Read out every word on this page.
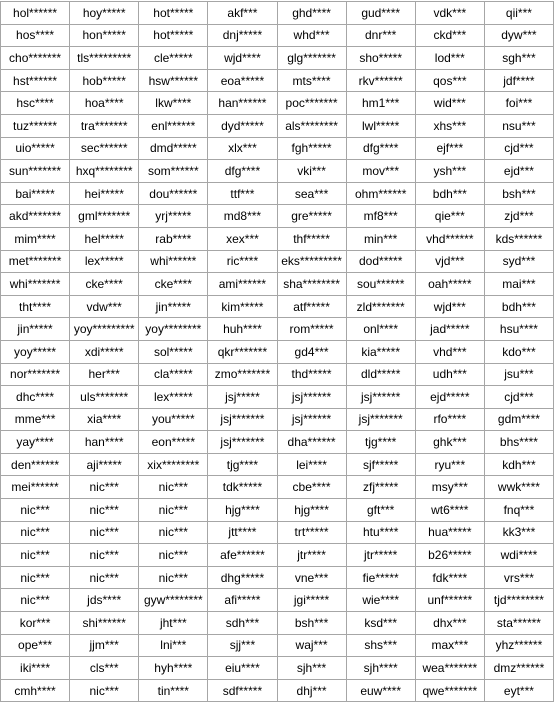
hol******	hoy*****	hot*****	akf***	ghd****	gud****	vdk***	qii***
hos****	hon*****	hot*****	dnj*****	whd***	dnr***	ckd***	dyw***
cho*******	tls*********	cle*****	wjd****	glg*******	sho*****	lod***	sgh***
hst******	hob*****	hsw******	eoa*****	mts****	rkv******	qos***	jdf****
hsc****	hoa****	lkw****	han******	poc*******	hm1***	wid***	foi***
tuz******	tra*******	enl******	dyd*****	als********	lwl*****	xhs***	nsu***
uio*****	sec******	dmd*****	xlx***	fgh*****	dfg****	ejf***	cjd***
sun*******	hxq********	som******	dfg****	vki***	mov***	ysh***	ejd***
bai*****	hei*****	dou******	ttf***	sea***	ohm******	bdh***	bsh***
akd*******	gml*******	yrj*****	md8***	gre*****	mf8***	qie***	zjd***
mim****	hel*****	rab****	xex***	thf*****	min***	vhd******	kds******
met*******	lex*****	whi******	ric****	eks*********	dod*****	vjd***	syd***
whi*******	cke****	cke****	ami******	sha********	sou******	oah*****	mai***
tht****	vdw***	jin*****	kim*****	atf*****	zld*******	wjd***	bdh***
jin*****	yoy*********	yoy********	huh****	rom*****	onl****	jad*****	hsu****
yoy*****	xdi*****	sol*****	qkr*******	gd4***	kia*****	vhd***	kdo***
nor*******	her***	cla*****	zmo*******	thd*****	dld*****	udh***	jsu***
dhc****	uls*******	lex*****	jsj*****	jsj******	jsj******	ejd*****	cjd***
mme***	xia****	you*****	jsj*******	jsj******	jsj*******	rfo****	gdm****
yay****	han****	eon*****	jsj*******	dha******	tjg****	ghk***	bhs****
den******	aji*****	xix********	tjg****	lei****	sjf*****	ryu***	kdh***
mei******	nic***	nic***	tdk*****	cbe****	zfj*****	msy***	wwk****
nic***	nic***	nic***	hjg****	hjg****	gft***	wt6****	fnq***
nic***	nic***	nic***	jtt****	trt*****	htu****	hua*****	kk3***
nic***	nic***	nic***	afe******	jtr****	jtr*****	b26*****	wdi****
nic***	nic***	nic***	dhg*****	vne***	fie*****	fdk****	vrs***
nic***	jds****	gyw********	afi*****	jgi*****	wie****	unf******	tjd********
kor***	shi******	jht***	sdh***	bsh***	ksd***	dhx***	sta******
ope***	jjm***	lni***	sjj***	waj***	shs***	max***	yhz******
iki****	cls***	hyh****	eiu****	sjh***	sjh****	wea*******	dmz******
cmh****	nic***	tin****	sdf*****	dhj***	euw****	qwe*******	eyt***
